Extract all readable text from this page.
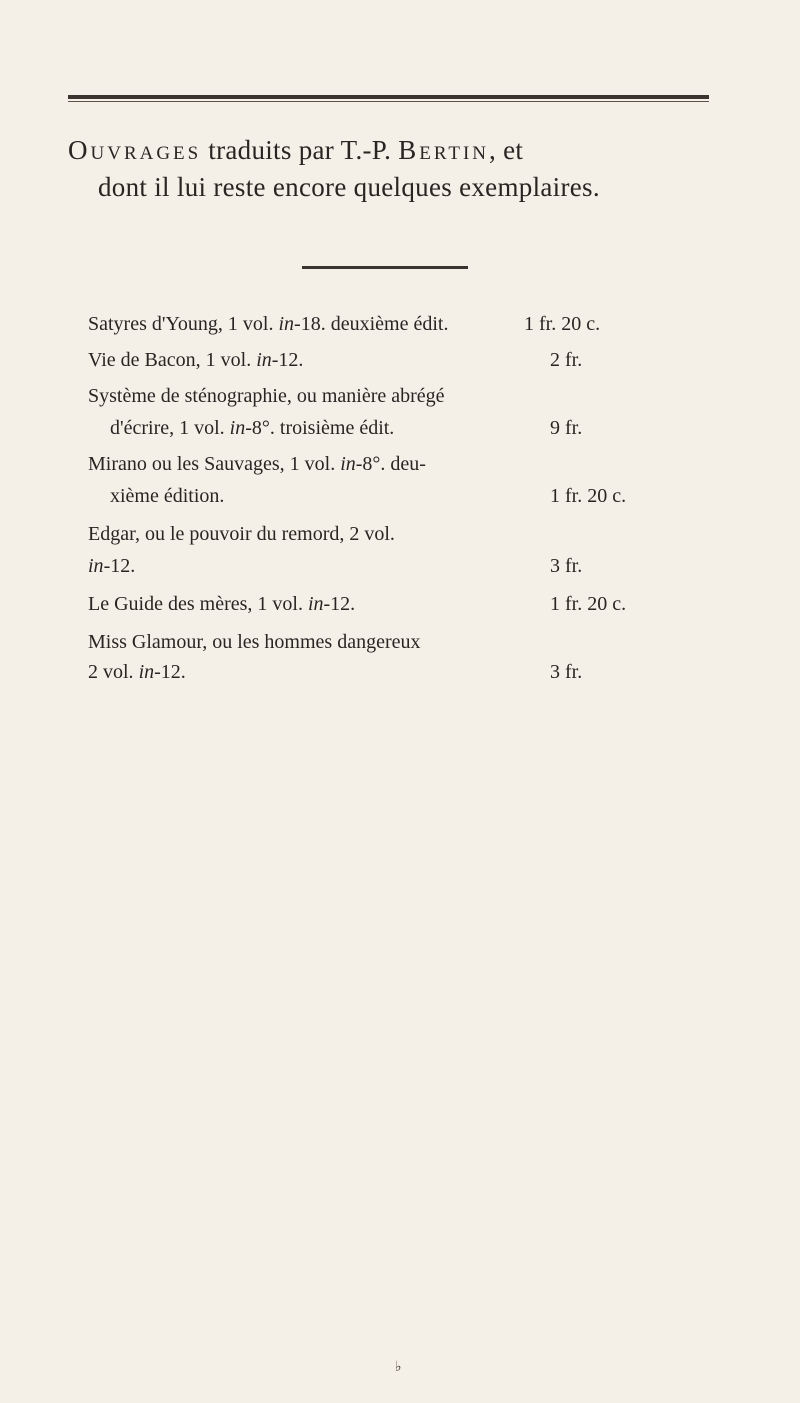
Ouvrages traduits par T.-P. Bertin, et
dont il lui reste encore quelques exemplaires.
Satyres d'Young, 1 vol. in-18. deuxième édit.	1 fr. 20 c.
Vie de Bacon, 1 vol. in-12.	2 fr.
Système de sténographie, ou manière abrégé
d'écrire, 1 vol. in-8°. troisième édit.	9 fr.
Mirano ou les Sauvages, 1 vol. in-8°. deu-
xième édition.	1 fr. 20 c.
Edgar, ou le pouvoir du remord, 2 vol.
in-12.	3 fr.
Le Guide des mères, 1 vol. in-12.	1 fr. 20 c.
Miss Glamour, ou les hommes dangereux
2 vol. in-12.	3 fr.
♭
